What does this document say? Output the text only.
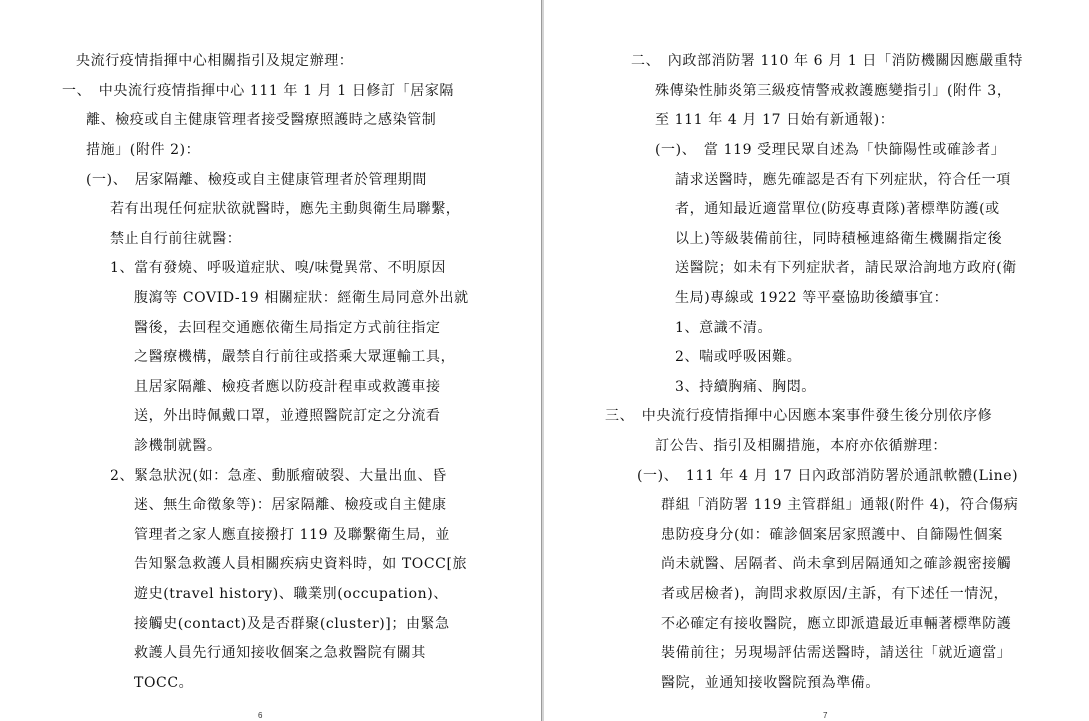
央流行疫情指揮中心相關指引及規定辦理：
一、　中央流行疫情指揮中心 111 年 1 月 1 日修訂「居家隔
離、檢疫或自主健康管理者接受醫療照護時之感染管制
措施」(附件 2)：
(一)、　居家隔離、檢疫或自主健康管理者於管理期間
若有出現任何症狀欲就醫時，應先主動與衛生局聯繫，
禁止自行前往就醫：
1、當有發燒、呼吸道症狀、嗅/味覺異常、不明原因
腹瀉等 COVID-19 相關症狀：經衛生局同意外出就
醫後，去回程交通應依衛生局指定方式前往指定
之醫療機構，嚴禁自行前往或搭乘大眾運輸工具，
且居家隔離、檢疫者應以防疫計程車或救護車接
送，外出時佩戴口罩，並遵照醫院訂定之分流看
診機制就醫。
2、緊急狀況(如：急產、動脈瘤破裂、大量出血、昏
迷、無生命徵象等)：居家隔離、檢疫或自主健康
管理者之家人應直接撥打 119 及聯繫衛生局，並
告知緊急救護人員相關疾病史資料時，如 TOCC[旅
遊史(travel history)、職業別(occupation)、
接觸史(contact)及是否群聚(cluster)]；由緊急
救護人員先行通知接收個案之急救醫院有關其
TOCC。
6
二、　內政部消防署 110 年 6 月 1 日「消防機關因應嚴重特
殊傳染性肺炎第三級疫情警戒救護應變指引」(附件 3，
至 111 年 4 月 17 日始有新通報)：
(一)、　當 119 受理民眾自述為「快篩陽性或確診者」
請求送醫時，應先確認是否有下列症狀，符合任一項
者，通知最近適當單位(防疫專責隊)著標準防護(或
以上)等級裝備前往，同時積極連絡衛生機關指定後
送醫院；如未有下列症狀者，請民眾洽詢地方政府(衛
生局)專線或 1922 等平臺協助後續事宜：
1、意識不清。
2、喘或呼吸困難。
3、持續胸痛、胸悶。
三、　中央流行疫情指揮中心因應本案事件發生後分別依序修
訂公告、指引及相關措施，本府亦依循辦理：
(一)、　111 年 4 月 17 日內政部消防署於通訊軟體(Line)
群組「消防署 119 主管群組」通報(附件 4)，符合傷病
患防疫身分(如：確診個案居家照護中、自篩陽性個案
尚未就醫、居隔者、尚未拿到居隔通知之確診親密接觸
者或居檢者)，詢問求救原因/主訴，有下述任一情況，
不必確定有接收醫院，應立即派遣最近車輛著標準防護
裝備前往；另現場評估需送醫時，請送往「就近適當」
醫院，並通知接收醫院預為準備。
7
